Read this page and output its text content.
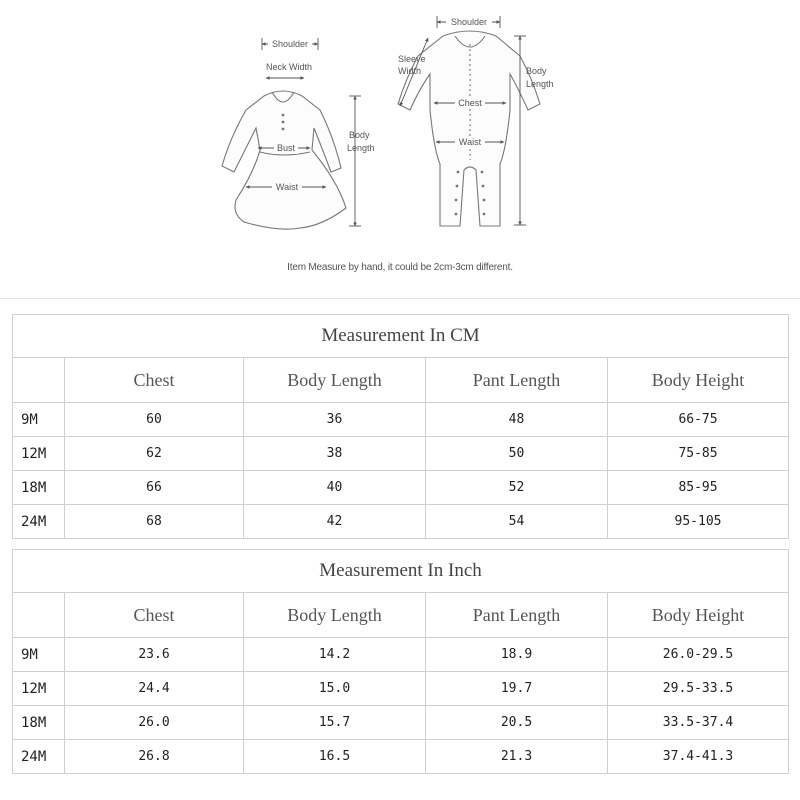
Shoulder
Neck Width
Body
Length
Bust
Waist
Shoulder
Sleeve
Width	Body
Length
Chest
Waist
Item Measure by hand, it could be 2cm-3cm different.
Measurement In CM				
	Chest	Body Length	Pant Length	Body Height
9M	60	36	48	66-75
12M	62	38	50	75-85
18M	66	40	52	85-95
24M	68	42	54	95-105
Measurement In Inch				
	Chest	Body Length	Pant Length	Body Height
9M	23.6	14.2	18.9	26.0-29.5
12M	24.4	15.0	19.7	29.5-33.5
18M	26.0	15.7	20.5	33.5-37.4
24M	26.8	16.5	21.3	37.4-41.3
